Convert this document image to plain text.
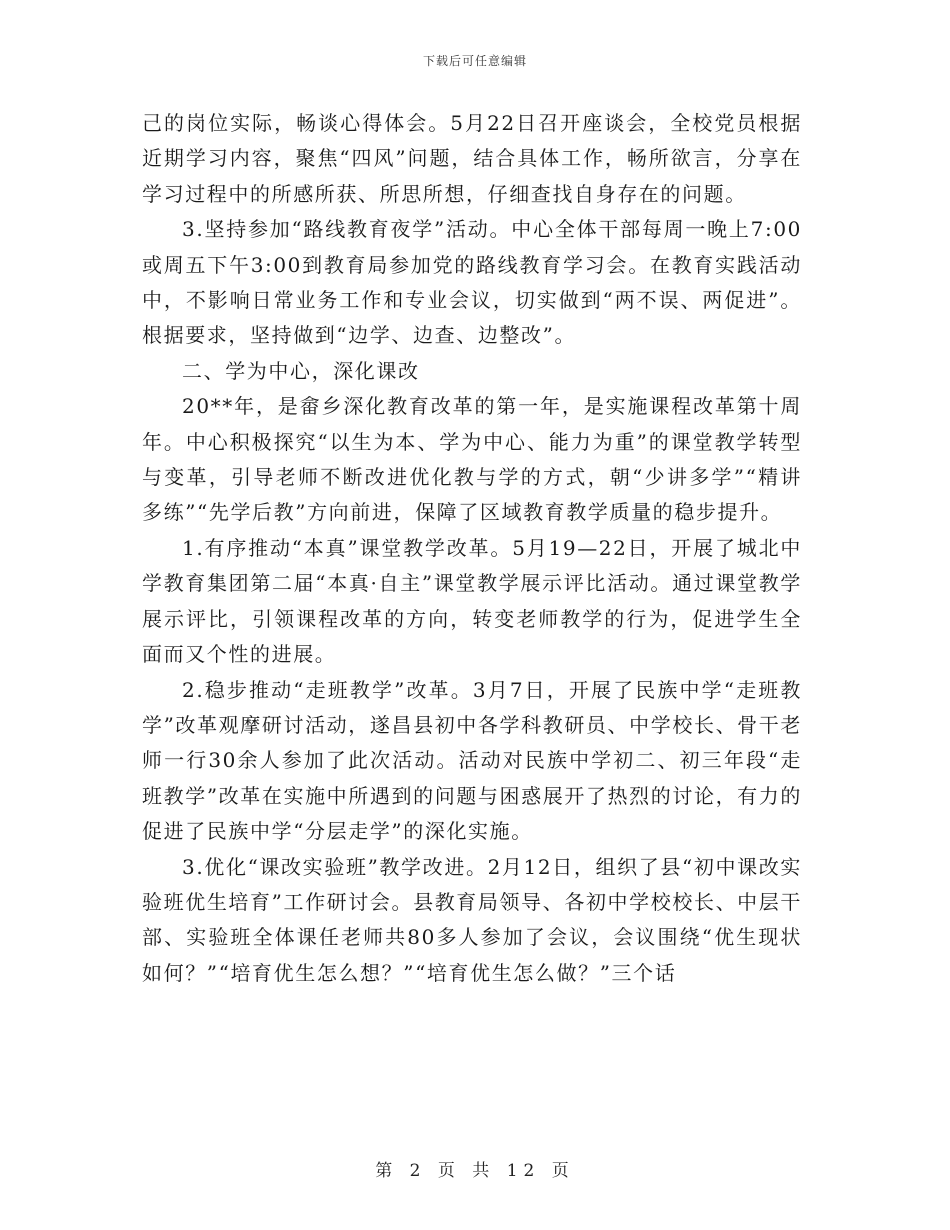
下载后可任意编辑

己的岗位实际，畅谈心得体会。5月22日召开座谈会，全校党员根据近期学习内容，聚焦“四风”问题，结合具体工作，畅所欲言，分享在学习过程中的所感所获、所思所想，仔细查找自身存在的问题。

3.坚持参加“路线教育夜学”活动。中心全体干部每周一晚上7:00或周五下午3:00到教育局参加党的路线教育学习会。在教育实践活动中，不影响日常业务工作和专业会议，切实做到“两不误、两促进”。根据要求，坚持做到“边学、边查、边整改”。

二、学为中心，深化课改

20**年，是畲乡深化教育改革的第一年，是实施课程改革第十周年。中心积极探究“以生为本、学为中心、能力为重”的课堂教学转型与变革，引导老师不断改进优化教与学的方式，朝“少讲多学”“精讲多练”“先学后教”方向前进，保障了区域教育教学质量的稳步提升。

1.有序推动“本真”课堂教学改革。5月19—22日，开展了城北中学教育集团第二届“本真·自主”课堂教学展示评比活动。通过课堂教学展示评比，引领课程改革的方向，转变老师教学的行为，促进学生全面而又个性的进展。

2.稳步推动“走班教学”改革。3月7日，开展了民族中学“走班教学”改革观摩研讨活动，遂昌县初中各学科教研员、中学校长、骨干老师一行30余人参加了此次活动。活动对民族中学初二、初三年段“走班教学”改革在实施中所遇到的问题与困惑展开了热烈的讨论，有力的促进了民族中学“分层走学”的深化实施。

3.优化“课改实验班”教学改进。2月12日，组织了县“初中课改实验班优生培育”工作研讨会。县教育局领导、各初中学校校长、中层干部、实验班全体课任老师共80多人参加了会议，会议围绕“优生现状如何？”“培育优生怎么想？”“培育优生怎么做？”三个话

第 2 页 共 12 页
